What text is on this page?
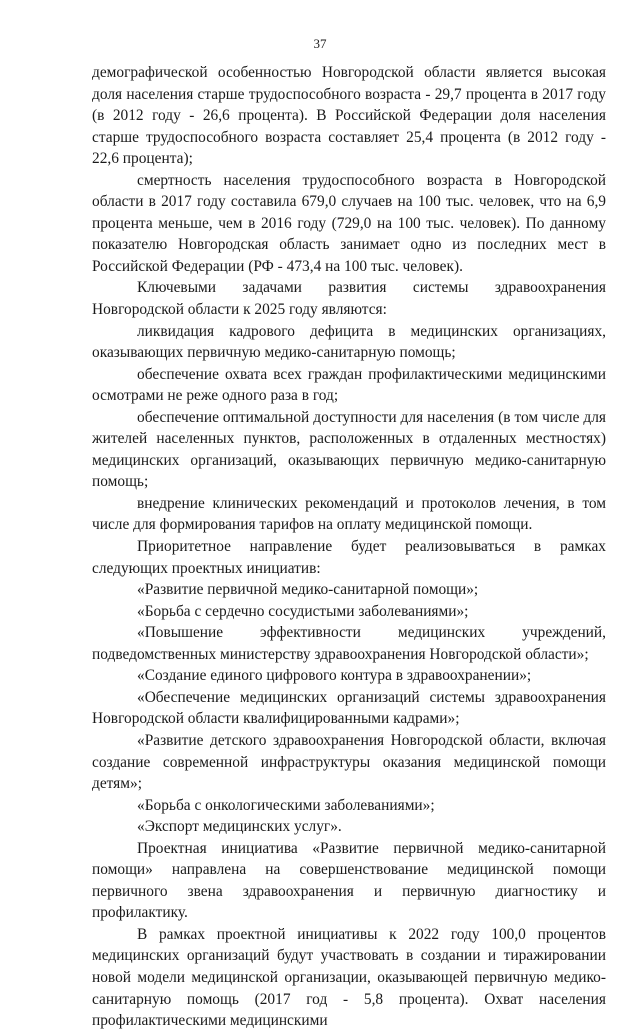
37

демографической особенностью Новгородской области является высокая доля населения старше трудоспособного возраста - 29,7 процента в 2017 году (в 2012 году - 26,6 процента). В Российской Федерации доля населения старше трудоспособного возраста составляет 25,4 процента (в 2012 году - 22,6 процента);

смертность населения трудоспособного возраста в Новгородской области в 2017 году составила 679,0 случаев на 100 тыс. человек, что на 6,9 процента меньше, чем в 2016 году (729,0 на 100 тыс. человек). По данному показателю Новгородская область занимает одно из последних мест в Российской Федерации (РФ - 473,4 на 100 тыс. человек).

Ключевыми задачами развития системы здравоохранения Новгородской области к 2025 году являются:

ликвидация кадрового дефицита в медицинских организациях, оказывающих первичную медико-санитарную помощь;

обеспечение охвата всех граждан профилактическими медицинскими осмотрами не реже одного раза в год;

обеспечение оптимальной доступности для населения (в том числе для жителей населенных пунктов, расположенных в отдаленных местностях) медицинских организаций, оказывающих первичную медико-санитарную помощь;

внедрение клинических рекомендаций и протоколов лечения, в том числе для формирования тарифов на оплату медицинской помощи.

Приоритетное направление будет реализовываться в рамках следующих проектных инициатив:

«Развитие первичной медико-санитарной помощи»;

«Борьба с сердечно сосудистыми заболеваниями»;

«Повышение эффективности медицинских учреждений, подведомственных министерству здравоохранения Новгородской области»;

«Создание единого цифрового контура в здравоохранении»;

«Обеспечение медицинских организаций системы здравоохранения Новгородской области квалифицированными кадрами»;

«Развитие детского здравоохранения Новгородской области, включая создание современной инфраструктуры оказания медицинской помощи детям»;

«Борьба с онкологическими заболеваниями»;

«Экспорт медицинских услуг».

Проектная инициатива «Развитие первичной медико-санитарной помощи» направлена на совершенствование медицинской помощи первичного звена здравоохранения и первичную диагностику и профилактику.

В рамках проектной инициативы к 2022 году 100,0 процентов медицинских организаций будут участвовать в создании и тиражировании новой модели медицинской организации, оказывающей первичную медико-санитарную помощь (2017 год - 5,8 процента). Охват населения профилактическими медицинскими
